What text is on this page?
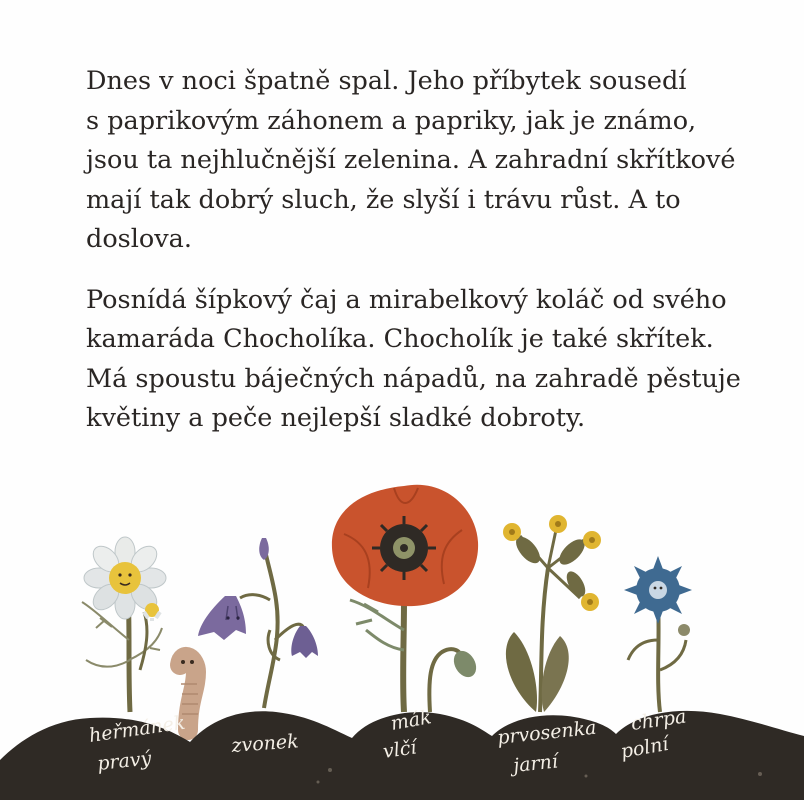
Dnes v noci špatně spal. Jeho příbytek sousedí
s paprikovým záhonem a papriky, jak je známo,
jsou ta nejhlučnější zelenina. A zahradní skřítkové
mají tak dobrý sluch, že slyší i trávu růst. A to
doslova.

Posnídá šípkový čaj a mirabelkový koláč od svého
kamaráda Chocholíka. Chocholík je také skřítek.
Má spoustu báječných nápadů, na zahradě pěstuje
květiny a peče nejlepší sladké dobroty.

heřmánek
pravý
zvonek
mák
vlčí
prvosenka
jarní
chrpa
polní
